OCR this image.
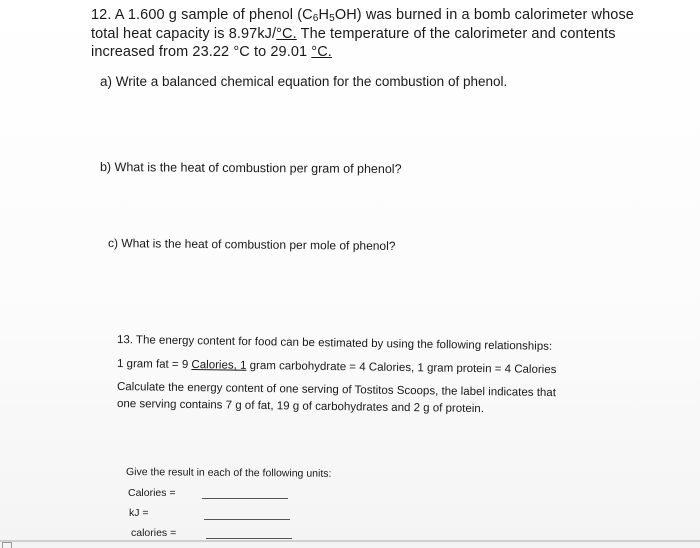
12. A 1.600 g sample of phenol $(C_6H_5OH)$ was burned in a bomb calorimeter whose
total heat capacity is 8.97kJ/°C. The temperature of the calorimeter and contents
increased from 23.22 °C to 29.01 °C.
a) Write a balanced chemical equation for the combustion of phenol.
b) What is the heat of combustion per gram of phenol?
c) What is the heat of combustion per mole of phenol?
13. The energy content for food can be estimated by using the following relationships:
1 gram fat = 9 Calories, 1 gram carbohydrate = 4 Calories, 1 gram protein = 4 Calories
Calculate the energy content of one serving of Tostitos Scoops, the label indicates that
one serving contains 7 g of fat, 19 g of carbohydrates and 2 g of protein.
Give the result in each of the following units:
Calories =
kJ =
calories =
